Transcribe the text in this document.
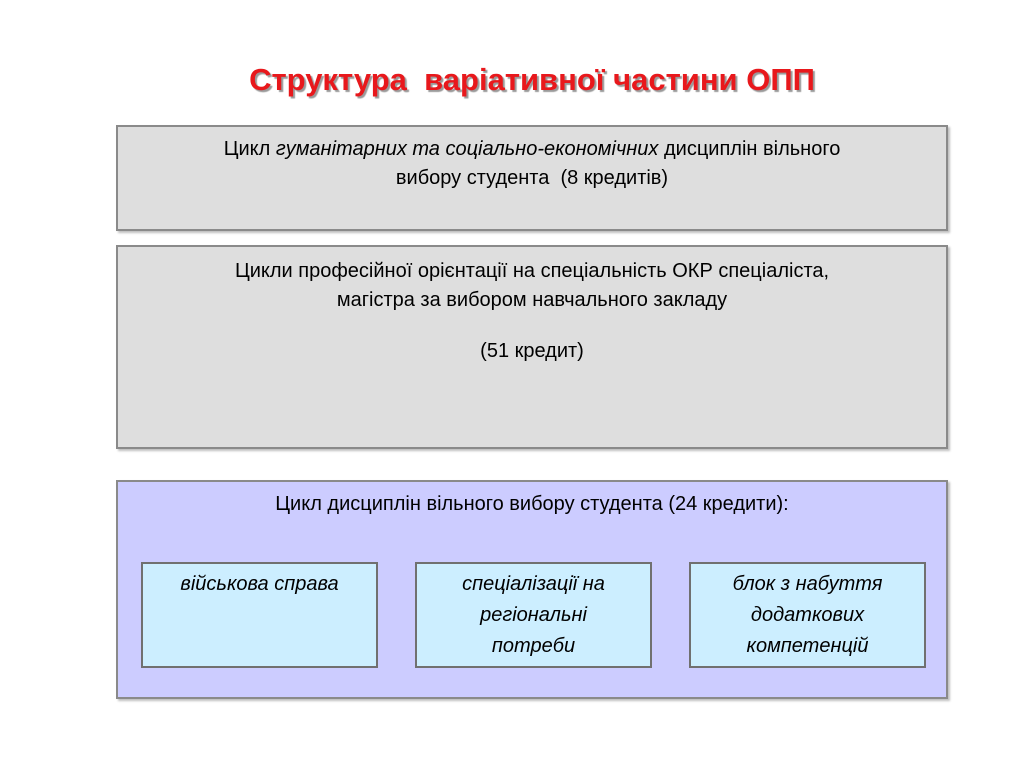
Структура  варіативної частини ОПП
Цикл гуманітарних та соціально-економічних дисциплін вільного
вибору студента  (8 кредитів)
Цикли професійної орієнтації на спеціальність ОКР спеціаліста,
магістра за вибором навчального закладу
(51 кредит)
Цикл дисциплін вільного вибору студента (24 кредити):
військова справа	спеціалізації на
регіональні
потреби
блок з набуття
додаткових
компетенцій
